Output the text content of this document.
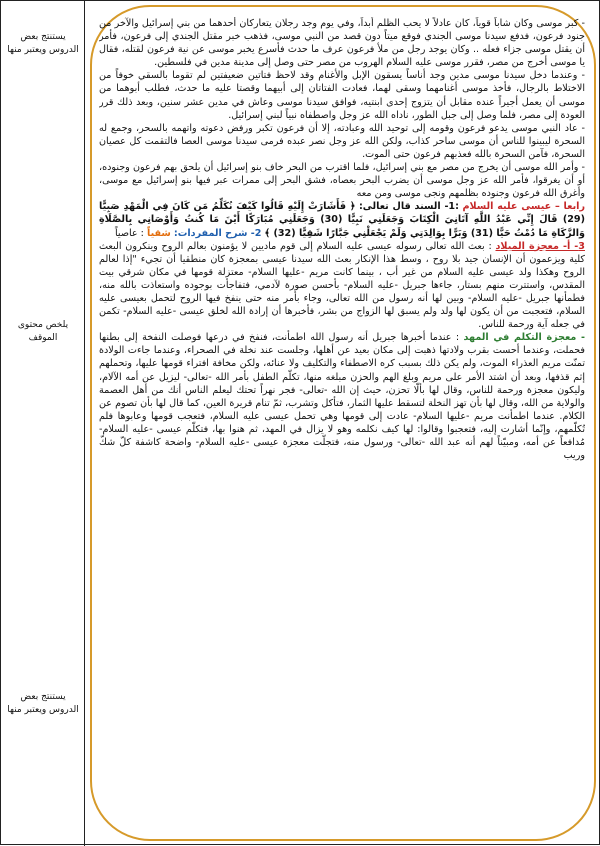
يستنتج بعض الدروس ويعتبر منها
يلخص محتوى الموقف
يستنتج بعض الدروس ويعتبر منها

- كبر موسى وكان شاباً قوياً، كان عادلاً لا يحب الظلم أبداً، وفي يوم وجد رجلان يتعاركان أحدهما من بني إسرائيل والآخر من جنود فرعون، فدفع سيدنا موسى الجندي فوقع ميتاً دون قصد من النبي موسى، فذهب خبر مقتل الجندي إلى فرعون، فأمر أن يقتل موسى جزاء فعله .. وكان يوجد رجل من ملأ فرعون عرف ما حدث فأسرع يخبر موسى عن نية فرعون لقتله، فقال يا موسى أخرج من مصر، فقرر موسى عليه السلام الهروب من مصر حتى وصل إلى مدينة مدين في فلسطين.

- وعندما دخل سيدنا موسى مدين وجد أناساً يسقون الإبل والأغنام وقد لاحظ فتاتين ضعيفتين لم تقوما بالسقي خوفاً من الاختلاط بالرجال، فأخذ موسى أغنامهما وسقى لهما، فعادت الفتاتان إلى أبيهما وقصتا عليه ما حدث، فطلب أبوهما من موسى أن يعمل أجيراً عنده مقابل أن يتزوج إحدى ابنتيه، فوافق سيدنا موسى وعاش في مدين عشر سنين، وبعد ذلك قرر العودة إلى مصر، فلما وصل إلى جبل الطور، ناداه الله عز وجل واصطفاه نبياً لبني إسرائيل.

- عاد النبي موسى يدعو فرعون وقومه إلى توحيد الله وعبادته، إلا أن فرعون تكبر ورفض دعوته واتهمه بالسحر، وجمع له السحرة ليبينوا للناس أن موسى ساحر كذاب، ولكن الله عز وجل نصر عبده فرمى سيدنا موسى العصا فالتقمت كل عصيان السحرة، فآمن السحرة بالله فعذبهم فرعون حتى الموت.

- وأمر الله موسى أن يخرج من مصر مع بني إسرائيل، فلما اقترب من البحر خاف بنو إسرائيل أن يلحق بهم فرعون وجنوده، أو أن يغرقوا، فأمر الله عز وجل موسى أن يضرب البحر بعصاه، فشق البحر إلى ممرات عبر فيها بنو إسرائيل مع موسى، وأغرق الله فرعون وجنوده بظلمهم ونجى موسى ومن معه

رابعا – عيسى عليه السلام :1- السند قال تعالى: ﴿ فَأَشَارَتْ إِلَيْهِ قَالُوا كَيْفَ نُكَلِّمُ مَن كَانَ فِي الْمَهْدِ صَبِيًّا (29) قَالَ إِنِّي عَبْدُ اللَّهِ آتَانِيَ الْكِتَابَ وَجَعَلَنِي نَبِيًّا (30) وَجَعَلَنِي مُبَارَكًا أَيْنَ مَا كُنتُ وَأَوْصَانِي بِالصَّلَاةِ وَالزَّكَاةِ مَا دُمْتُ حَيًّا (31) وَبَرًّا بِوَالِدَتِي وَلَمْ يَجْعَلْنِي جَبَّارًا شَقِيًّا (32) ﴾ 2- شرح المفردات: شقياً : عاصياً

3- أ- معجزة الميلاد : بعث الله تعالى رسوله عيسى عليه السلام إلى قوم ماديين لا يؤمنون بعالم الروح وينكرون البعث كلية ويزعمون أن الإنسان جيد بلا روح ، وسط هذا الإنكار بعث الله سيدنا عيسى بمعجزة كان منطقيا أن تجيء "إذا لعالم الروح وهكذا ولد عيسى عليه السلام من غير أب ، بينما كانت مريم -عليها السلام- معتزلة قومها في مكان شرقي بيت المقدس، واستترت منهم بستار، جاءها جبريل -عليه السلام- بأحسن صورة لآدمي، فتفاجأت بوجوده واستعاذت بالله منه، فطمأنها جبريل -عليه السلام- وبين لها أنه رسول من الله تعالى، وجاء بأمر منه حتى ينفخ فيها الروح لتحمل بعيسى عليه السلام، فتعجبت من أن يكون لها ولد ولم يسبق لها الزواج من بشر، فأخبرها أن إرادة الله لخلق عيسى -عليه السلام- تكمن في جعله آية ورحمة للناس.

- معجزة التكلم في المهد : عندما أخبرها جبريل أنه رسول الله اطمأنت، فنفخ في درعها فوصلت النفخة إلى بطنها فحملت، وعندما أحست بقرب ولادتها ذهبت إلى مكان بعيد عن أهلها، وجلست عند نخلة في الصحراء، وعندما جاءت الولادة تمنّت مريم العذراء الموت، ولم يكن ذلك بسبب كره الاصطفاء والتكليف ولا عنائه، ولكن مخافة افتراء قومها عليها، وتحملهم إثم قذفها، وبعد أن اشتد الأمر على مريم وبلغ الهم والحزن مبلغه منها، تكلّم الطفل بأمر الله -تعالى- ليزيل عن أمه الآلام، وليكون معجزة ورحمة للناس، وقال لها بألّا تحزن، حيث إن الله -تعالى- فجر نهراً تحتك ليعلم الناس أنك من أهل العصمة والولاية من الله، وقال لها بأن تهز النخلة لتسقط عليها الثمار، فتأكل وتشرب، ثمّ تنام قريرة العين، كما قال لها بأن تصوم عن الكلام. عندما اطمأنت مريم -عليها السلام- عادت إلى قومها وهي تحمل عيسى عليه السلام، فتعجب قومها وعابوها فلم تُكلّمهم، وإنّما أشارت إليه، فتعجبوا وقالوا: لها كيف نكلمه وهو لا يزال في المهد، ثم هنوا بها، فتكلّم عيسى -عليه السلام- مُدافعاً عن أمه، ومبيّناً لهم أنه عبد الله -تعالى- ورسول منه، فتجلّت معجزة عيسى -عليه السلام- واضحة كاشفة كلّ شكّ وريب
